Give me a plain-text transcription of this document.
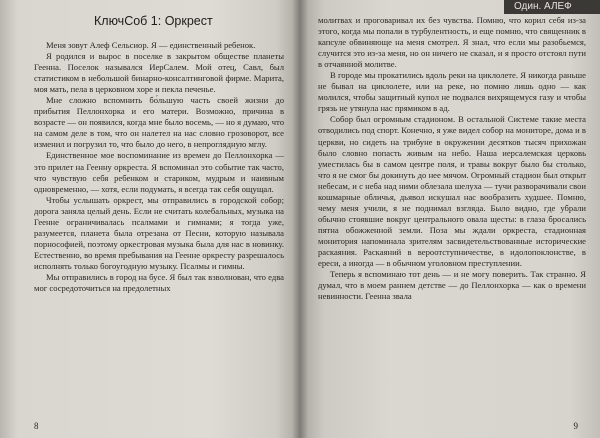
КлючСоб 1: Оркрест

Меня зовут Алеф Сельсиор. Я — единственный ребенок.

Я родился и вырос в поселке в закрытом обществе планеты Геенна. Поселок назывался ИерСалем. Мой отец, Савл, был статистиком в небольшой бинарно-консалтинговой фирме. Марита, моя мать, пела в церковном хоре и пекла печенье.

Мне сложно вспомнить бо́льшую часть своей жизни до прибытия Пеллонхорка и его матери. Возможно, причина в возрасте — он появился, когда мне было восемь, — но я думаю, что на самом деле в том, что он налетел на нас словно грозоворот, все изменил и погрузил то, что было до него, в непроглядную мглу.

Единственное мое воспоминание из времен до Пеллонхорка — это прилет на Геенну оркреста. Я вспоминал это событие так часто, что чувствую себя ребенком и стариком, мудрым и наивным одновременно, — хотя, если подумать, я всегда так себя ощущал.

Чтобы услышать оркрест, мы отправились в городской собор; дорога заняла целый день. Если не считать колебальных, музыка на Геенне ограничивалась псалмами и гимнами; я тогда уже, разумеется, планета была отрезана от Песни, которую называла порнософией, поэтому оркестровая музыка была для нас в новинку. Естественно, во время пребывания на Геенне оркресту разрешалось исполнять только богоугодную музыку. Псалмы и гимны.

Мы отправились в город на бусе. Я был так взволнован, что едва мог сосредоточиться на предолетных

8
Один. АЛЕФ

молитвах и проговаривал их без чувства. Помню, что корил себя из-за этого, когда мы попали в турбулентность, и еще помню, что священник в капсуле обвиняюще на меня смотрел. Я знал, что если мы разобьемся, случится это из-за меня, но он ничего не сказал, и я просто отстоял пути в отчаянной молитве.

В городе мы прокатились вдоль реки на циклолете. Я никогда раньше не бывал на циклолете, или на реке, но помню лишь одно — как молился, чтобы защитный купол не подвался вихрящемуся газу и чтобы грязь не утянула нас прямиком в ад.

Собор был огромным стадионом. В остальной Системе такие места отводились под спорт. Конечно, я уже видел собор на мониторе, дома и в церкви, но сидеть на трибуне в окружении десятков тысяч прихожан было словно попасть живым на небо. Наша иерсалемская церковь уместилась бы в самом центре поля, и травы вокруг было бы столько, что я не смог бы докинуть до нее мячом. Огромный стадион был открыт небесам, и с неба над ними облезала шелуха — тучи разворачивали свои кошмарные обличья, дьявол искушал нас вообразить худшее. Помню, чему меня учили, я не поднимал взгляда. Было видно, где убрали обычно стоявшие вокруг центрального овала щесты: в глаза бросались пятна обожженной земли. Поза мы ждали оркреста, стадионная монитория напоминала зрителям засвидетельствованные исторические раскаяния. Раскаяний в вероотступничестве, в идолопоклонстве, в ереси, а иногда — в обычном уголовном преступлении.

Теперь я вспоминаю тот день — и не могу поверить. Так странно. Я думал, что в моем раннем детстве — до Пеллонхорка — как о времени невинности. Геенна звала

9
